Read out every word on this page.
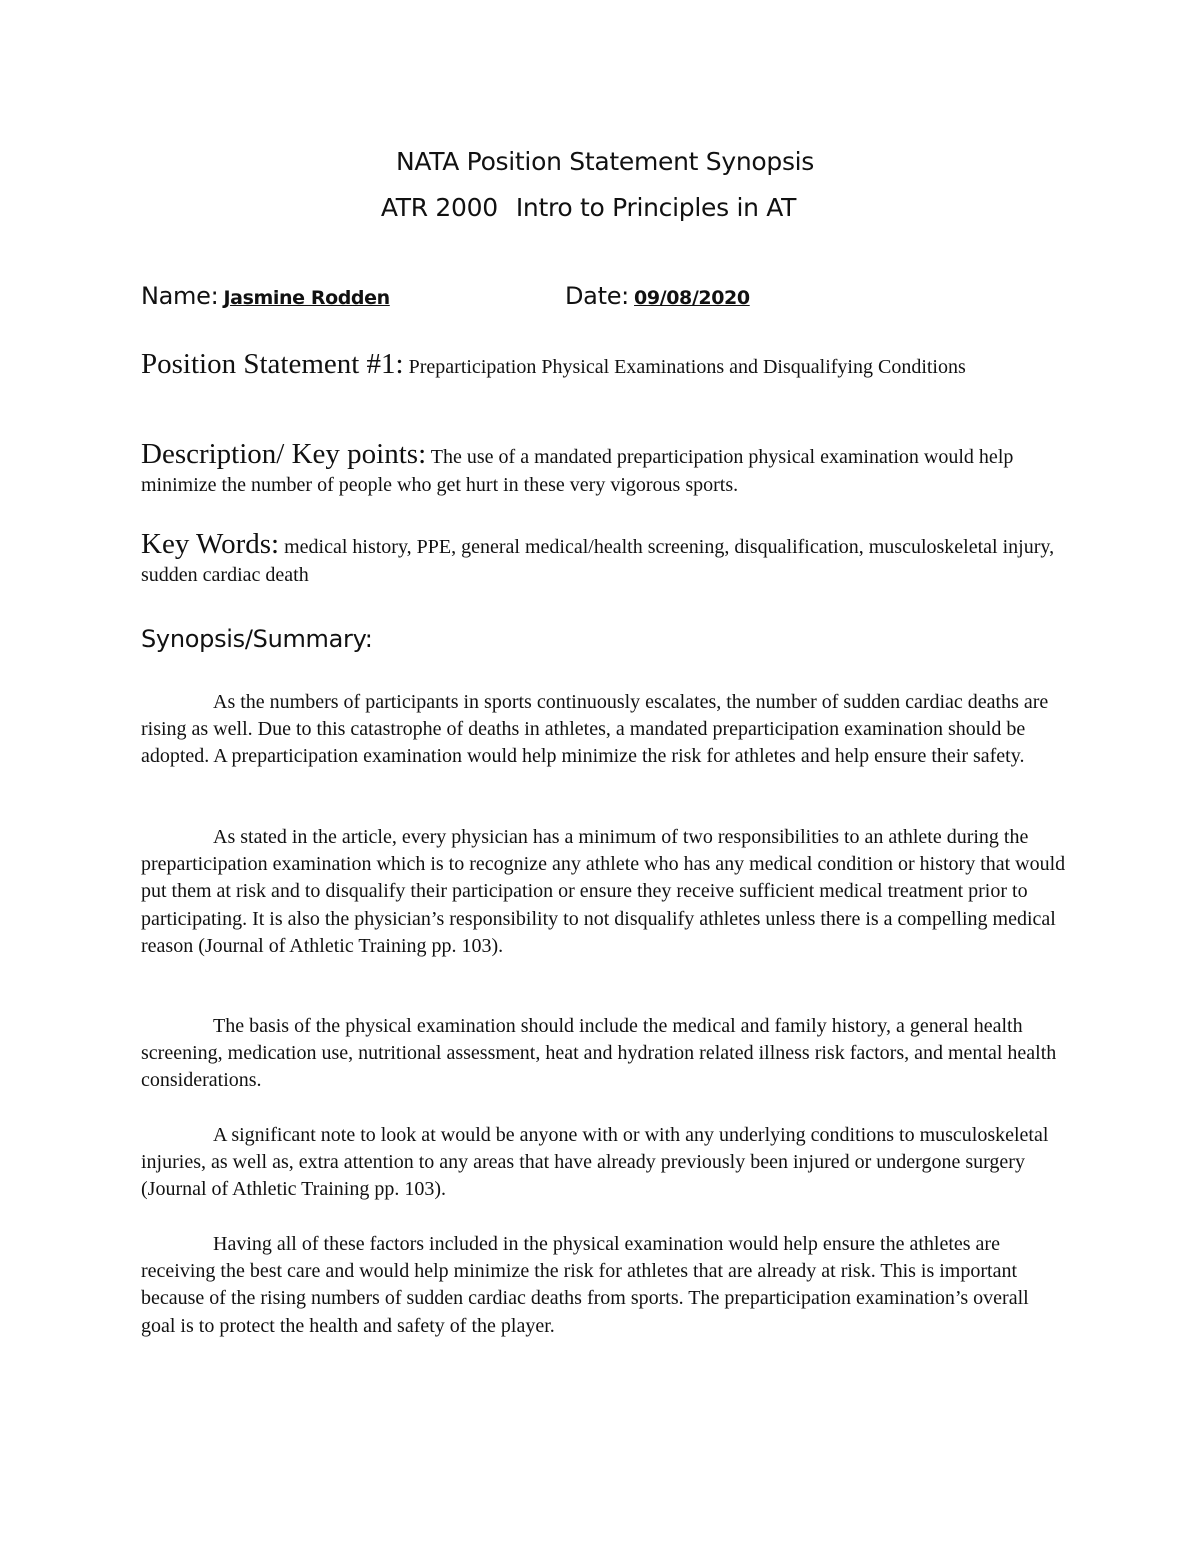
NATA Position Statement Synopsis
ATR 2000 Intro to Principles in AT
Name: Jasmine Rodden	Date: 09/08/2020
Position Statement #1: Preparticipation Physical Examinations and Disqualifying Conditions
Description/ Key points: The use of a mandated preparticipation physical examination would help minimize the number of people who get hurt in these very vigorous sports.
Key Words: medical history, PPE, general medical/health screening, disqualification, musculoskeletal injury, sudden cardiac death
Synopsis/Summary:

As the numbers of participants in sports continuously escalates, the number of sudden cardiac deaths are rising as well. Due to this catastrophe of deaths in athletes, a mandated preparticipation examination should be adopted. A preparticipation examination would help minimize the risk for athletes and help ensure their safety.

As stated in the article, every physician has a minimum of two responsibilities to an athlete during the preparticipation examination which is to recognize any athlete who has any medical condition or history that would put them at risk and to disqualify their participation or ensure they receive sufficient medical treatment prior to participating. It is also the physician’s responsibility to not disqualify athletes unless there is a compelling medical reason (Journal of Athletic Training pp. 103).

The basis of the physical examination should include the medical and family history, a general health screening, medication use, nutritional assessment, heat and hydration related illness risk factors, and mental health considerations.

A significant note to look at would be anyone with or with any underlying conditions to musculoskeletal injuries, as well as, extra attention to any areas that have already previously been injured or undergone surgery (Journal of Athletic Training pp. 103).

Having all of these factors included in the physical examination would help ensure the athletes are receiving the best care and would help minimize the risk for athletes that are already at risk. This is important because of the rising numbers of sudden cardiac deaths from sports. The preparticipation examination’s overall goal is to protect the health and safety of the player.
